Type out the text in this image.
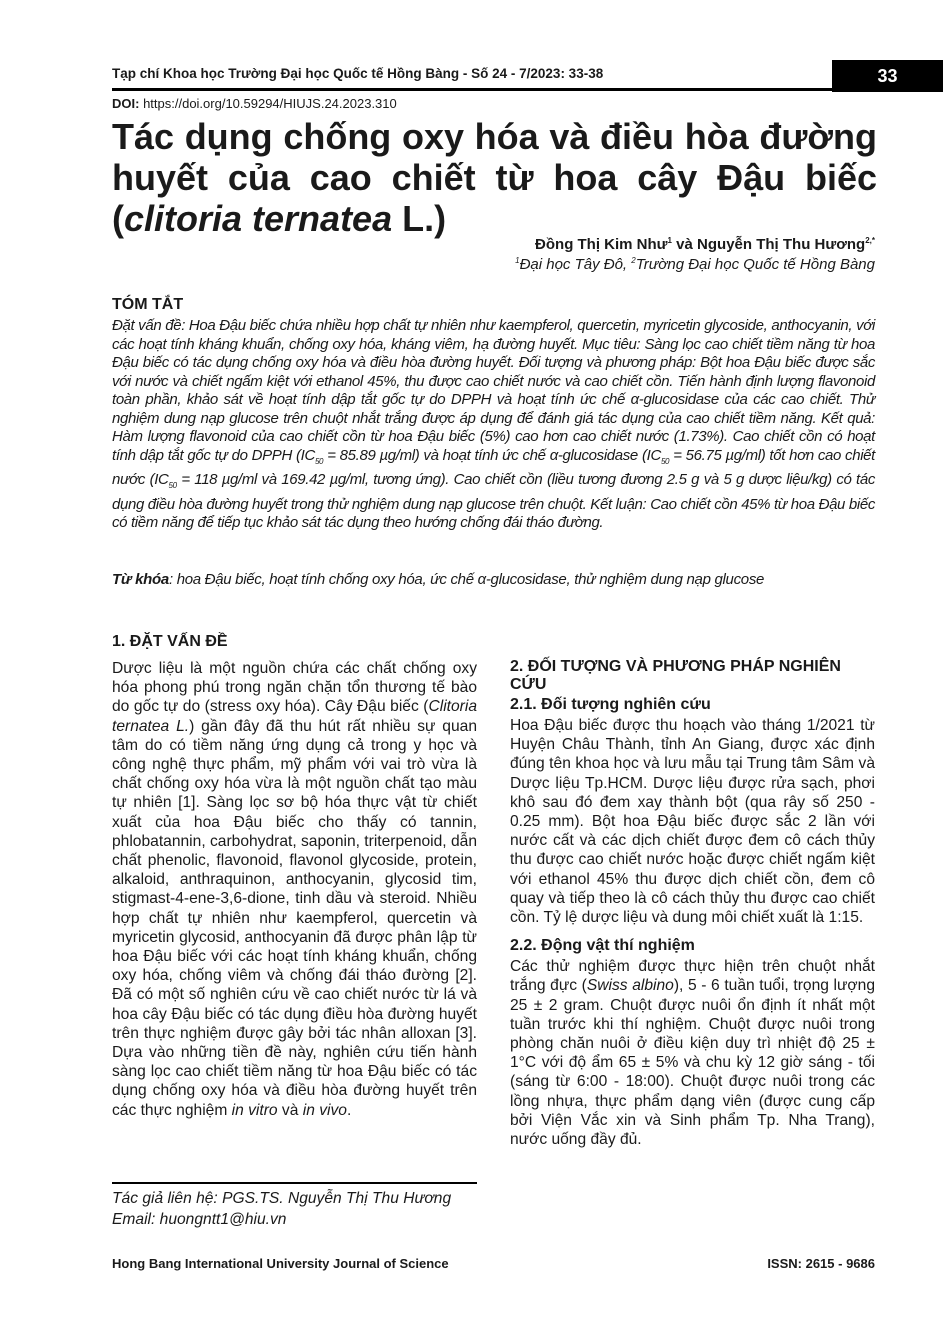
Tạp chí Khoa học Trường Đại học Quốc tế Hồng Bàng - Số 24 - 7/2023: 33-38	33
DOI: https://doi.org/10.59294/HIUJS.24.2023.310
Tác dụng chống oxy hóa và điều hòa đường huyết của cao chiết từ hoa cây Đậu biếc (clitoria ternatea L.)
Đồng Thị Kim Như$^1$ và Nguyễn Thị Thu Hương$^{2,*}$
$^1$Đại học Tây Đô, $^2$Trường Đại học Quốc tế Hồng Bàng
TÓM TẮT
Đặt vấn đề: Hoa Đậu biếc chứa nhiều hợp chất tự nhiên như kaempferol, quercetin, myricetin glycoside, anthocyanin, với các hoạt tính kháng khuẩn, chống oxy hóa, kháng viêm, hạ đường huyết. Mục tiêu: Sàng lọc cao chiết tiềm năng từ hoa Đậu biếc có tác dụng chống oxy hóa và điều hòa đường huyết. Đối tượng và phương pháp: Bột hoa Đậu biếc được sắc với nước và chiết ngấm kiệt với ethanol 45%, thu được cao chiết nước và cao chiết cồn. Tiến hành định lượng flavonoid toàn phần, khảo sát về hoạt tính dập tắt gốc tự do DPPH và hoạt tính ức chế α-glucosidase của các cao chiết. Thử nghiệm dung nạp glucose trên chuột nhắt trắng được áp dụng để đánh giá tác dụng của cao chiết tiềm năng. Kết quả: Hàm lượng flavonoid của cao chiết cồn từ hoa Đậu biếc (5%) cao hơn cao chiết nước (1.73%). Cao chiết cồn có hoạt tính dập tắt gốc tự do DPPH ($IC_{50} = 85.89$ µg/ml) và hoạt tính ức chế α-glucosidase ($IC_{50} = 56.75$ µg/ml) tốt hơn cao chiết nước ($IC_{50} = 118$ µg/ml và 169.42 µg/ml, tương ứng). Cao chiết cồn (liều tương đương 2.5 g và 5 g dược liệu/kg) có tác dụng điều hòa đường huyết trong thử nghiệm dung nạp glucose trên chuột. Kết luận: Cao chiết cồn 45% từ hoa Đậu biếc có tiềm năng để tiếp tục khảo sát tác dụng theo hướng chống đái tháo đường.
Từ khóa: hoa Đậu biếc, hoạt tính chống oxy hóa, ức chế α-glucosidase, thử nghiệm dung nạp glucose

1. ĐẶT VẤN ĐỀ

Dược liệu là một nguồn chứa các chất chống oxy hóa phong phú trong ngăn chặn tổn thương tế bào do gốc tự do (stress oxy hóa). Cây Đậu biếc (Clitoria ternatea L.) gần đây đã thu hút rất nhiều sự quan tâm do có tiềm năng ứng dụng cả trong y học và công nghệ thực phẩm, mỹ phẩm với vai trò vừa là chất chống oxy hóa vừa là một nguồn chất tạo màu tự nhiên [1]. Sàng lọc sơ bộ hóa thực vật từ chiết xuất của hoa Đậu biếc cho thấy có tannin, phlobatannin, carbohydrat, saponin, triterpenoid, dẫn chất phenolic, flavonoid, flavonol glycoside, protein, alkaloid, anthraquinon, anthocyanin, glycosid tim, stigmast-4-ene-3,6-dione, tinh dầu và steroid. Nhiều hợp chất tự nhiên như kaempferol, quercetin và myricetin glycosid, anthocyanin đã được phân lập từ hoa Đậu biếc với các hoạt tính kháng khuẩn, chống oxy hóa, chống viêm và chống đái tháo đường [2]. Đã có một số nghiên cứu về cao chiết nước từ lá và hoa cây Đậu biếc có tác dụng điều hòa đường huyết trên thực nghiệm được gây bởi tác nhân alloxan [3]. Dựa vào những tiền đề này, nghiên cứu tiến hành sàng lọc cao chiết tiềm năng từ hoa Đậu biếc có tác dụng chống oxy hóa và điều hòa đường huyết trên các thực nghiệm in vitro và in vivo.

Tác giả liên hệ: PGS.TS. Nguyễn Thị Thu Hương
Email: huongntt1@hiu.vn

2. ĐỐI TƯỢNG VÀ PHƯƠNG PHÁP NGHIÊN CỨU

2.1. Đối tượng nghiên cứu

Hoa Đậu biếc được thu hoạch vào tháng 1/2021 từ Huyện Châu Thành, tỉnh An Giang, được xác định đúng tên khoa học và lưu mẫu tại Trung tâm Sâm và Dược liệu Tp.HCM. Dược liệu được rửa sạch, phơi khô sau đó đem xay thành bột (qua rây số 250 - 0.25 mm). Bột hoa Đậu biếc được sắc 2 lần với nước cất và các dịch chiết được đem cô cách thủy thu được cao chiết nước hoặc được chiết ngấm kiệt với ethanol 45% thu được dịch chiết cồn, đem cô quay và tiếp theo là cô cách thủy thu được cao chiết cồn. Tỷ lệ dược liệu và dung môi chiết xuất là 1:15.

2.2. Động vật thí nghiệm

Các thử nghiệm được thực hiện trên chuột nhắt trắng đực (Swiss albino), 5 - 6 tuần tuổi, trọng lượng 25 ± 2 gram. Chuột được nuôi ổn định ít nhất một tuần trước khi thí nghiệm. Chuột được nuôi trong phòng chăn nuôi ở điều kiện duy trì nhiệt độ 25 ± 1°C với độ ẩm 65 ± 5% và chu kỳ 12 giờ sáng - tối (sáng từ 6:00 - 18:00). Chuột được nuôi trong các lồng nhựa, thực phẩm dạng viên (được cung cấp bởi Viện Vắc xin và Sinh phẩm Tp. Nha Trang), nước uống đầy đủ.

Hong Bang International University Journal of Science	ISSN: 2615 - 9686
